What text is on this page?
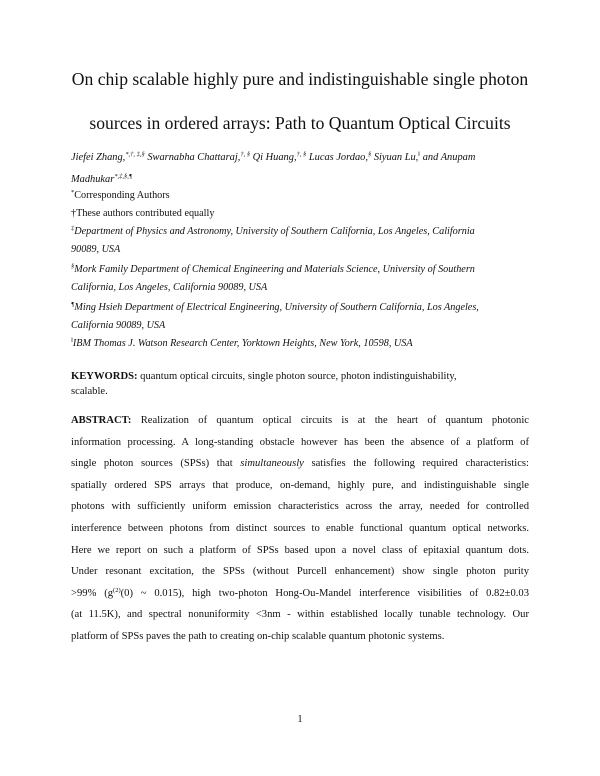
On chip scalable highly pure and indistinguishable single photon
sources in ordered arrays: Path to Quantum Optical Circuits
Jiefei Zhang,*,†, ‡,§ Swarnabha Chattaraj,†, § Qi Huang,†, § Lucas Jordao,§ Siyuan Lu,‖ and Anupam
Madhukar*,‡,§,¶
*Corresponding Authors
†These authors contributed equally
‡Department of Physics and Astronomy, University of Southern California, Los Angeles, California
90089, USA
§Mork Family Department of Chemical Engineering and Materials Science, University of Southern
California, Los Angeles, California 90089, USA
¶Ming Hsieh Department of Electrical Engineering, University of Southern California, Los Angeles,
California 90089, USA
‖IBM Thomas J. Watson Research Center, Yorktown Heights, New York, 10598, USA
KEYWORDS: quantum optical circuits, single photon source, photon indistinguishability,
scalable.
ABSTRACT: Realization of quantum optical circuits is at the heart of quantum photonic
information processing. A long-standing obstacle however has been the absence of a platform of
single photon sources (SPSs) that simultaneously satisfies the following required characteristics:
spatially ordered SPS arrays that produce, on-demand, highly pure, and indistinguishable single
photons with sufficiently uniform emission characteristics across the array, needed for controlled
interference between photons from distinct sources to enable functional quantum optical networks.
Here we report on such a platform of SPSs based upon a novel class of epitaxial quantum dots.
Under resonant excitation, the SPSs (without Purcell enhancement) show single photon purity
>99% ($g^{(2)}(0)$ ~ 0.015), high two-photon Hong-Ou-Mandel interference visibilities of 0.82±0.03
(at 11.5K), and spectral nonuniformity <3nm - within established locally tunable technology. Our
platform of SPSs paves the path to creating on-chip scalable quantum photonic systems.
1
